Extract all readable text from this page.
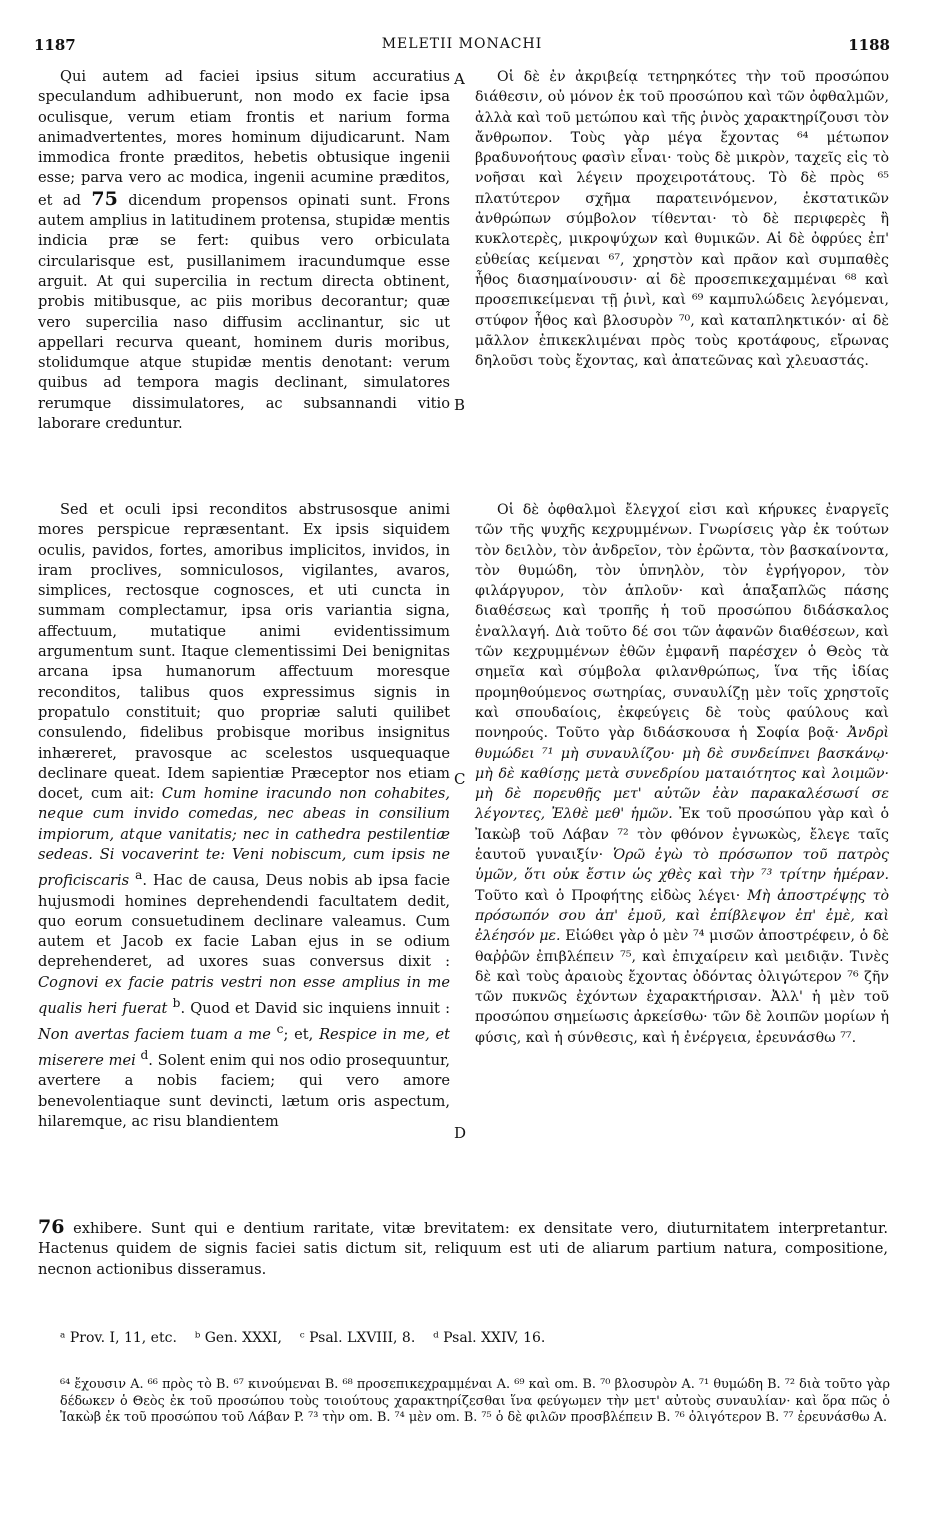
1187	MELETII MONACHI	1188

Qui autem ad faciei ipsius situm accuratius speculandum adhibuerunt, non modo ex facie ipsa oculisque, verum etiam frontis et narium forma animadvertentes, mores hominum dijudicarunt. Nam immodica fronte præditos, hebetis obtusique ingenii esse; parva vero ac modica, ingenii acumine præditos, et ad 75 dicendum propensos opinati sunt. Frons autem amplius in latitudinem protensa, stupidæ mentis indicia præ se fert: quibus vero orbiculata circularisque est, pusillanimem iracundumque esse arguit. At qui supercilia in rectum directa obtinent, probis mitibusque, ac piis moribus decorantur; quæ vero supercilia naso diffusim acclinantur, sic ut appellari recurva queant, hominem duris moribus, stolidumque atque stupidæ mentis denotant: verum quibus ad tempora magis declinant, simulatores rerumque dissimulatores, ac subsannandi vitio laborare creduntur.

Οἱ δὲ ἐν ἀκριβείᾳ τετηρηκότες τὴν τοῦ προσώπου διάθεσιν, οὐ μόνον ἐκ τοῦ προσώπου καὶ τῶν ὀφθαλμῶν, ἀλλὰ καὶ τοῦ μετώπου καὶ τῆς ῥινὸς χαρακτηρίζουσι τὸν ἄνθρωπον. Τοὺς γὰρ μέγα ἔχοντας ⁶⁴ μέτωπον βραδυνοήτους φασὶν εἶναι· τοὺς δὲ μικρὸν, ταχεῖς εἰς τὸ νοῆσαι καὶ λέγειν προχειροτάτους. Τὸ δὲ πρὸς ⁶⁵ πλατύτερον σχῆμα παρατεινόμενον, ἐκστατικῶν ἀνθρώπων σύμβολον τίθενται· τὸ δὲ περιφερὲς ἢ κυκλοτερὲς, μικροψύχων καὶ θυμικῶν. Αἱ δὲ ὀφρύες ἐπ' εὐθείας κείμεναι ⁶⁷, χρηστὸν καὶ πρᾶον καὶ συμπαθὲς ἦθος διασημαίνουσιν· αἱ δὲ προσεπικεχαμμέναι ⁶⁸ καὶ προσεπικείμεναι τῇ ῥινὶ, καὶ ⁶⁹ καμπυλώδεις λεγόμεναι, στύφον ἦθος καὶ βλοσυρὸν ⁷⁰, καὶ καταπληκτικόν· αἱ δὲ μᾶλλον ἐπικεκλιμέναι πρὸς τοὺς κροτάφους, εἴρωνας δηλοῦσι τοὺς ἔχοντας, καὶ ἀπατεῶνας καὶ χλευαστάς.

A
B
C
D

Sed et oculi ipsi reconditos abstrusosque animi mores perspicue repræsentant. Ex ipsis siquidem oculis, pavidos, fortes, amoribus implicitos, invidos, in iram proclives, somniculosos, vigilantes, avaros, simplices, rectosque cognosces, et uti cuncta in summam complectamur, ipsa oris variantia signa, affectuum, mutatique animi evidentissimum argumentum sunt. Itaque clementissimi Dei benignitas arcana ipsa humanorum affectuum moresque reconditos, talibus quos expressimus signis in propatulo constituit; quo propriæ saluti quilibet consulendo, fidelibus probisque moribus insignitus inhæreret, pravosque ac scelestos usquequaque declinare queat. Idem sapientiæ Præceptor nos etiam docet, cum ait: Cum homine iracundo non cohabites, neque cum invido comedas, nec abeas in consilium impiorum, atque vanitatis; nec in cathedra pestilentiæ sedeas. Si vocaverint te: Veni nobiscum, cum ipsis ne proficiscaris $^a$. Hac de causa, Deus nobis ab ipsa facie hujusmodi homines deprehendendi facultatem dedit, quo eorum consuetudinem declinare valeamus. Cum autem et Jacob ex facie Laban ejus in se odium deprehenderet, ad uxores suas conversus dixit : Cognovi ex facie patris vestri non esse amplius in me qualis heri fuerat $^b$. Quod et David sic inquiens innuit : Non avertas faciem tuam a me $^c$; et, Respice in me, et miserere mei $^d$. Solent enim qui nos odio prosequuntur, avertere a nobis faciem; qui vero amore benevolentiaque sunt devincti, lætum oris aspectum, hilaremque, ac risu blandientem

Οἱ δὲ ὀφθαλμοὶ ἔλεγχοί εἰσι καὶ κήρυκες ἐναργεῖς τῶν τῆς ψυχῆς κεχρυμμένων. Γνωρίσεις γὰρ ἐκ τούτων τὸν δειλὸν, τὸν ἀνδρεῖον, τὸν ἐρῶντα, τὸν βασκαίνοντα, τὸν θυμώδη, τὸν ὑπνηλὸν, τὸν ἐγρήγορον, τὸν φιλάργυρον, τὸν ἁπλοῦν· καὶ ἁπαξαπλῶς πάσης διαθέσεως καὶ τροπῆς ἡ τοῦ προσώπου διδάσκαλος ἐναλλαγή. Διὰ τοῦτο δέ σοι τῶν ἀφανῶν διαθέσεων, καὶ τῶν κεχρυμμένων ἐθῶν ἐμφανῆ παρέσχεν ὁ Θεὸς τὰ σημεῖα καὶ σύμβολα φιλανθρώπως, ἵνα τῆς ἰδίας προμηθούμενος σωτηρίας, συναυλίζῃ μὲν τοῖς χρηστοῖς καὶ σπουδαίοις, ἐκφεύγεις δὲ τοὺς φαύλους καὶ πονηρούς. Τοῦτο γὰρ διδάσκουσα ἡ Σοφία βοᾷ· Ἀνδρὶ θυμώδει ⁷¹ μὴ συναυλίζου· μὴ δὲ συνδείπνει βασκάνῳ· μὴ δὲ καθίσῃς μετὰ συνεδρίου ματαιότητος καὶ λοιμῶν· μὴ δὲ πορευθῇς μετ' αὐτῶν ἐὰν παρακαλέσωσί σε λέγοντες, Ἐλθὲ μεθ' ἡμῶν. Ἐκ τοῦ προσώπου γὰρ καὶ ὁ Ἰακὼβ τοῦ Λάβαν ⁷² τὸν φθόνον ἐγνωκὼς, ἔλεγε ταῖς ἑαυτοῦ γυναιξίν· Ὁρῶ ἐγὼ τὸ πρόσωπον τοῦ πατρὸς ὑμῶν, ὅτι οὐκ ἔστιν ὡς χθὲς καὶ τὴν ⁷³ τρίτην ἡμέραν. Τοῦτο καὶ ὁ Προφήτης εἰδὼς λέγει· Μὴ ἀποστρέψῃς τὸ πρόσωπόν σου ἀπ' ἐμοῦ, καὶ ἐπίβλεψον ἐπ' ἐμὲ, καὶ ἐλέησόν με. Εἰώθει γὰρ ὁ μὲν ⁷⁴ μισῶν ἀποστρέφειν, ὁ δὲ θαῤῥῶν ἐπιβλέπειν ⁷⁵, καὶ ἐπιχαίρειν καὶ μειδιᾷν. Τινὲς δὲ καὶ τοὺς ἀραιοὺς ἔχοντας ὀδόντας ὀλιγώτερον ⁷⁶ ζῆν τῶν πυκνῶς ἐχόντων ἐχαρακτήρισαν. Ἀλλ' ἡ μὲν τοῦ προσώπου σημείωσις ἀρκείσθω· τῶν δὲ λοιπῶν μορίων ἡ φύσις, καὶ ἡ σύνθεσις, καὶ ἡ ἐνέργεια, ἐρευνάσθω ⁷⁷.

76 exhibere. Sunt qui e dentium raritate, vitæ brevitatem: ex densitate vero, diuturnitatem interpretantur. Hactenus quidem de signis faciei satis dictum sit, reliquum est uti de aliarum partium natura, compositione, necnon actionibus disseramus.

ᵃ Prov. I, 11, etc.    ᵇ Gen. XXXI,    ᶜ Psal. LXVIII, 8.    ᵈ Psal. XXIV, 16.
⁶⁴ ἔχουσιν A. ⁶⁶ πρὸς τὸ B. ⁶⁷ κινούμεναι B. ⁶⁸ προσεπικεχραμμέναι A. ⁶⁹ καὶ om. B. ⁷⁰ βλοσυρὸν A. ⁷¹ θυμώδη B. ⁷² διὰ τοῦτο γὰρ δέδωκεν ὁ Θεὸς ἐκ τοῦ προσώπου τοὺς τοιούτους χαρακτηρίζεσθαι ἵνα φεύγωμεν τὴν μετ' αὐτοὺς συναυλίαν· καὶ ὅρα πῶς ὁ Ἰακὼβ ἐκ τοῦ προσώπου τοῦ Λάβαν P. ⁷³ τὴν om. B. ⁷⁴ μὲν om. B. ⁷⁵ ὁ δὲ φιλῶν προσβλέπειν B. ⁷⁶ ὀλιγότερον B. ⁷⁷ ἐρευνάσθω A.
